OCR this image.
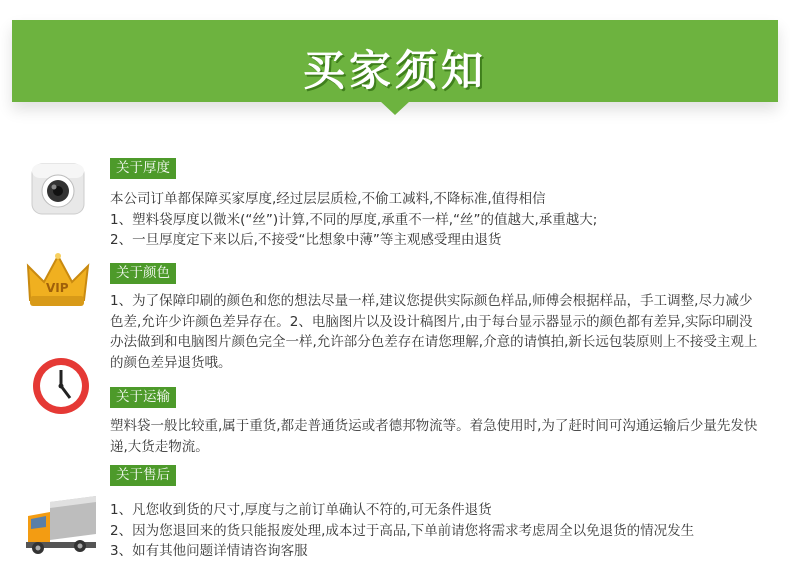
买家须知
关于厚度
本公司订单都保障买家厚度,经过层层质检,不偷工减料,不降标准,值得相信
1、塑料袋厚度以微米(“丝”)计算,不同的厚度,承重不一样,“丝”的值越大,承重越大;
2、一旦厚度定下来以后,不接受“比想象中薄”等主观感受理由退货
VIP
关于颜色
1、为了保障印刷的颜色和您的想法尽量一样,建议您提供实际颜色样品,师傅会根据样品，手工调整,尽力减少色差,允许少许颜色差异存在。2、电脑图片以及设计稿图片,由于每台显示器显示的颜色都有差异,实际印刷没办法做到和电脑图片颜色完全一样,允许部分色差存在请您理解,介意的请慎拍,新长远包装原则上不接受主观上的颜色差异退货哦。
关于运输
塑料袋一般比较重,属于重货,都走普通货运或者德邦物流等。着急使用时,为了赶时间可沟通运输后少量先发快递,大货走物流。
关于售后
1、凡您收到货的尺寸,厚度与之前订单确认不符的,可无条件退货
2、因为您退回来的货只能报废处理,成本过于高品,下单前请您将需求考虑周全以免退货的情况发生
3、如有其他问题详情请咨询客服
